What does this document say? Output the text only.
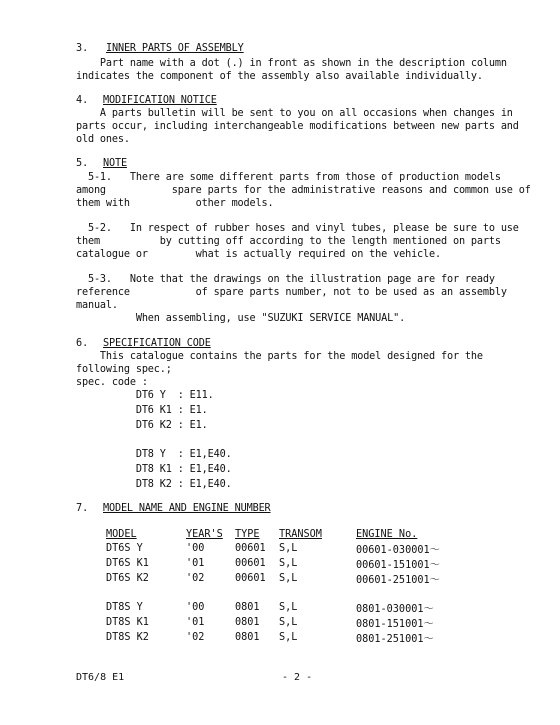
3. INNER PARTS OF ASSEMBLY
Part name with a dot (.) in front as shown in the description column
indicates the component of the assembly also available individually.
4. MODIFICATION NOTICE
A parts bulletin will be sent to you on all occasions when changes in
parts occur, including interchangeable modifications between new parts and
old ones.
5. NOTE
5-1.   There are some different parts from those of production models
among           spare parts for the administrative reasons and common use of
them with           other models.
5-2.   In respect of rubber hoses and vinyl tubes, please be sure to use
them          by cutting off according to the length mentioned on parts
catalogue or        what is actually required on the vehicle.
5-3.   Note that the drawings on the illustration page are for ready
reference           of spare parts number, not to be used as an assembly
manual.
When assembling, use "SUZUKI SERVICE MANUAL".
6. SPECIFICATION CODE
This catalogue contains the parts for the model designed for the
following spec.;
spec. code :
DT6 Y  : E11.
DT6 K1 : E1.
DT6 K2 : E1.
DT8 Y  : E1,E40.
DT8 K1 : E1,E40.
DT8 K2 : E1,E40.
7. MODEL NAME AND ENGINE NUMBER
MODEL	YEAR'S	TYPE	TRANSOM	ENGINE No.
DT6S Y	'00	00601	S,L	00601-030001～
DT6S K1	'01	00601	S,L	00601-151001～
DT6S K2	'02	00601	S,L	00601-251001～

DT8S Y	'00	0801	S,L	0801-030001～
DT8S K1	'01	0801	S,L	0801-151001～
DT8S K2	'02	0801	S,L	0801-251001～
DT6/8 E1	- 2 -
